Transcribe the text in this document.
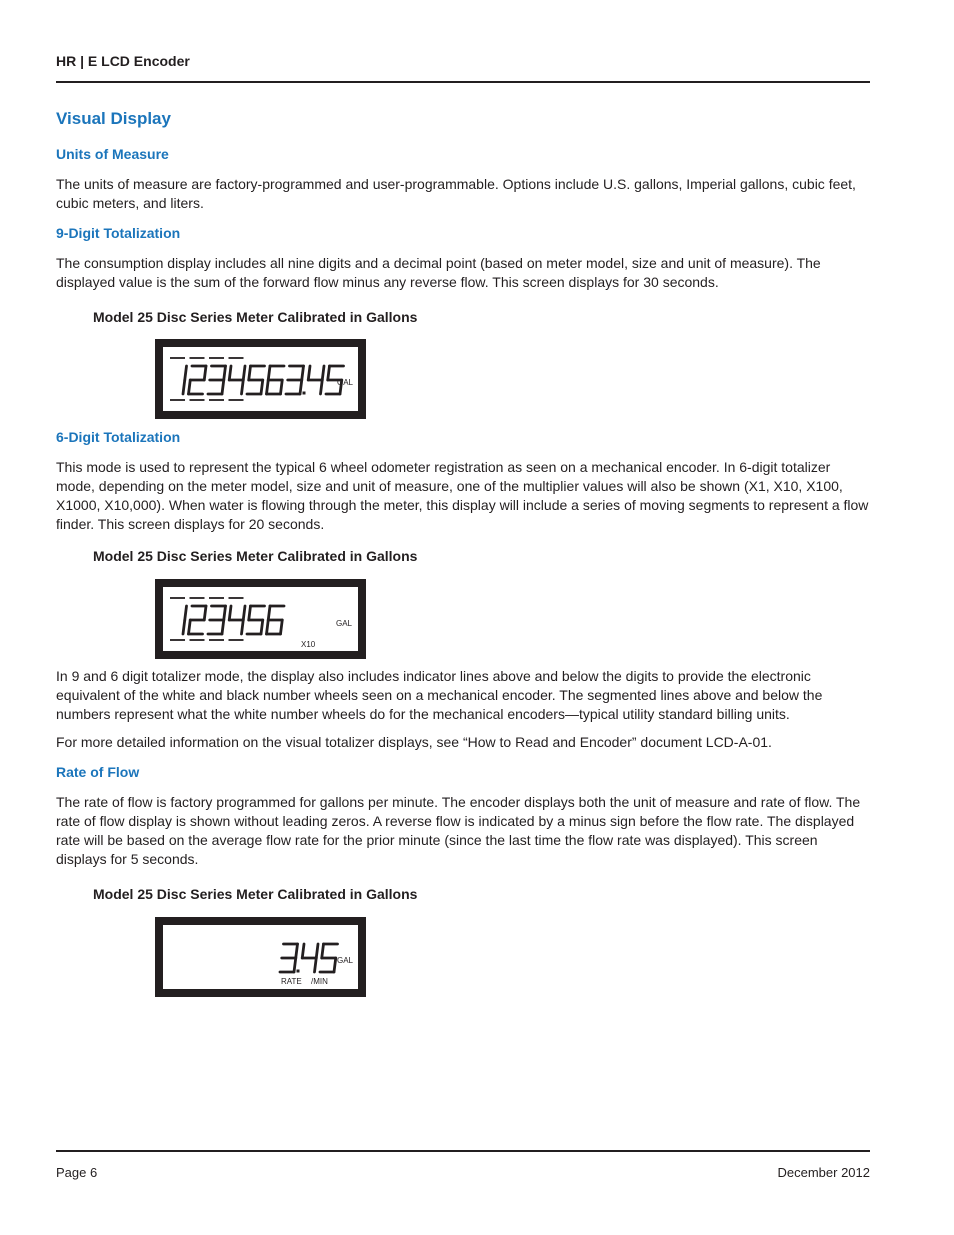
HR | E LCD Encoder
Visual Display
Units of Measure
The units of measure are factory-programmed and user-programmable. Options include U.S. gallons, Imperial gallons, cubic feet, cubic meters, and liters.
9-Digit Totalization
The consumption display includes all nine digits and a decimal point (based on meter model, size and unit of measure). The displayed value is the sum of the forward flow minus any reverse flow. This screen displays for 30 seconds.
Model 25 Disc Series Meter Calibrated in Gallons
GAL
6-Digit Totalization
This mode is used to represent the typical 6 wheel odometer registration as seen on a mechanical encoder. In 6-digit totalizer mode, depending on the meter model, size and unit of measure, one of the multiplier values will also be shown (X1, X10, X100, X1000, X10,000). When water is flowing through the meter, this display will include a series of moving segments to represent a flow finder. This screen displays for 20 seconds.
Model 25 Disc Series Meter Calibrated in Gallons
GAL
X10
In 9 and 6 digit totalizer mode, the display also includes indicator lines above and below the digits to provide the electronic equivalent of the white and black number wheels seen on a mechanical encoder. The segmented lines above and below the numbers represent what the white number wheels do for the mechanical encoders—typical utility standard billing units.
For more detailed information on the visual totalizer displays, see “How to Read and Encoder” document LCD-A-01.
Rate of Flow
The rate of flow is factory programmed for gallons per minute. The encoder displays both the unit of measure and rate of flow. The rate of flow display is shown without leading zeros. A reverse flow is indicated by a minus sign before the flow rate. The displayed rate will be based on the average flow rate for the prior minute (since the last time the flow rate was displayed). This screen displays for 5 seconds.
Model 25 Disc Series Meter Calibrated in Gallons
GAL
RATE /MIN
Page 6	December 2012
